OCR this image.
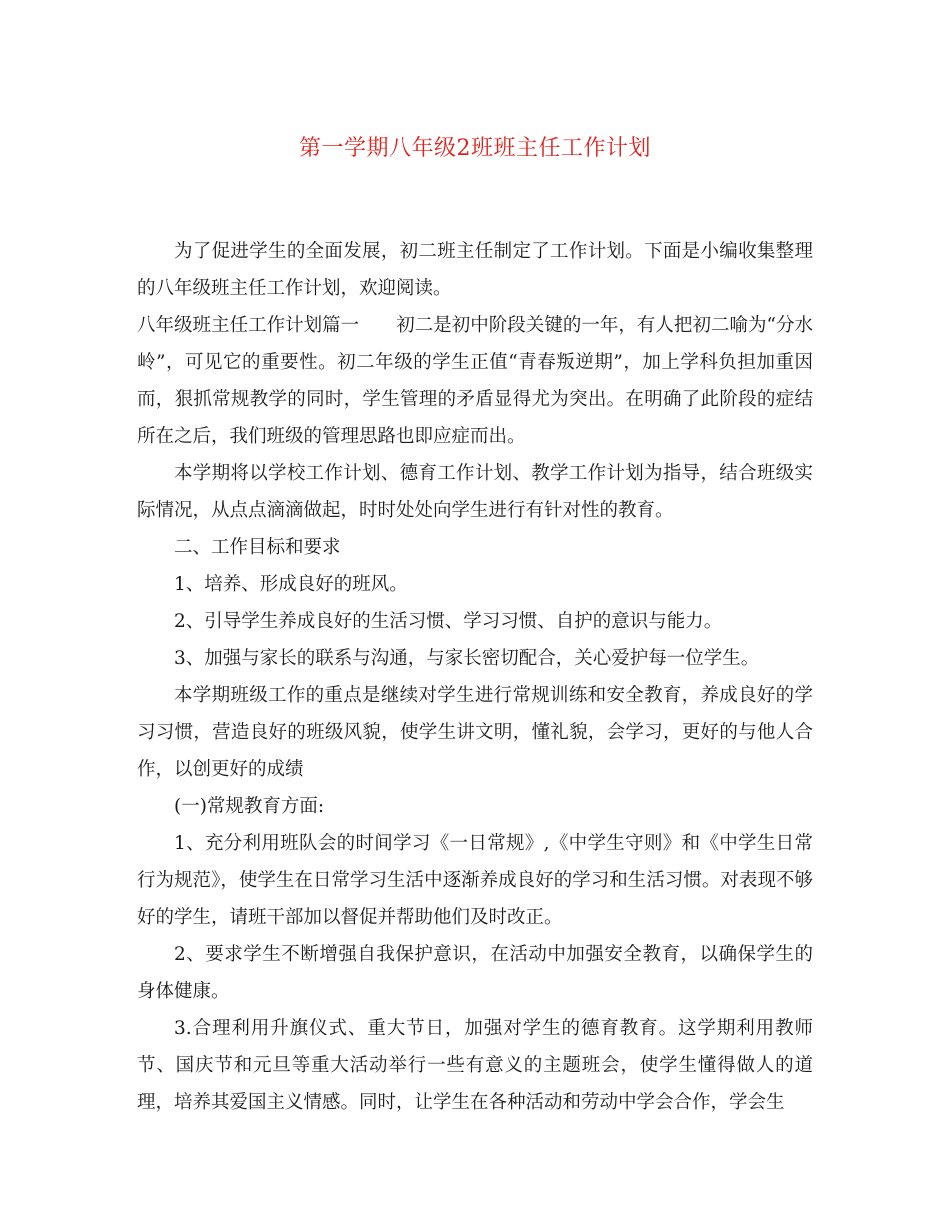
第一学期八年级2班班主任工作计划

为了促进学生的全面发展，初二班主任制定了工作计划。下面是小编收集整理的八年级班主任工作计划，欢迎阅读。

八年级班主任工作计划篇一　　初二是初中阶段关键的一年，有人把初二喻为“分水岭”，可见它的重要性。初二年级的学生正值“青春叛逆期”，加上学科负担加重因而，狠抓常规教学的同时，学生管理的矛盾显得尤为突出。在明确了此阶段的症结所在之后，我们班级的管理思路也即应症而出。

本学期将以学校工作计划、德育工作计划、教学工作计划为指导，结合班级实际情况，从点点滴滴做起，时时处处向学生进行有针对性的教育。

二、工作目标和要求

1、培养、形成良好的班风。

2、引导学生养成良好的生活习惯、学习习惯、自护的意识与能力。

3、加强与家长的联系与沟通，与家长密切配合，关心爱护每一位学生。

本学期班级工作的重点是继续对学生进行常规训练和安全教育，养成良好的学习习惯，营造良好的班级风貌，使学生讲文明，懂礼貌，会学习，更好的与他人合作，以创更好的成绩

(一)常规教育方面:

1、充分利用班队会的时间学习《一日常规》,《中学生守则》和《中学生日常行为规范》，使学生在日常学习生活中逐渐养成良好的学习和生活习惯。对表现不够好的学生，请班干部加以督促并帮助他们及时改正。

2、要求学生不断增强自我保护意识，在活动中加强安全教育，以确保学生的身体健康。

3.合理利用升旗仪式、重大节日，加强对学生的德育教育。这学期利用教师节、国庆节和元旦等重大活动举行一些有意义的主题班会，使学生懂得做人的道理，培养其爱国主义情感。同时，让学生在各种活动和劳动中学会合作，学会生
